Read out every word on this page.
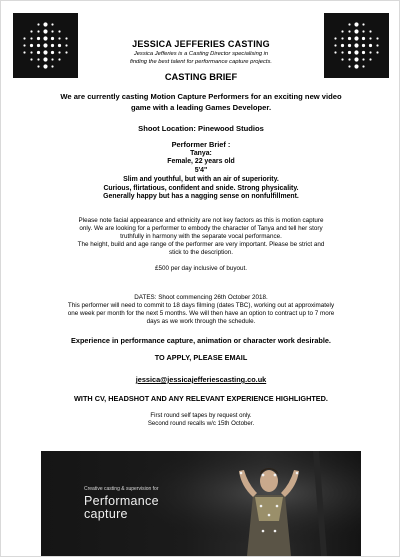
JESSICA JEFFERIES CASTING
Jessica Jefferies is a Casting Director specialising in
finding the best talent for performance capture projects.
CASTING BRIEF
We are currently casting Motion Capture Performers for an exciting new video
game with a leading Games Developer.
Shoot Location: Pinewood Studios
Performer Brief :
Tanya:
Female, 22 years old
5'4"
Slim and youthful, but with an air of superiority.
Curious, flirtatious, confident and snide. Strong physicality.
Generally happy but has a nagging sense on nonfulfillment.
Please note facial appearance and ethnicity are not key factors as this is motion capture
only. We are looking for a performer to embody the character of Tanya and tell her story
truthfully in harmony with the separate vocal performance.
The height, build and age range of the performer are very important. Please be strict and
stick to the description.
£500 per day inclusive of buyout.
DATES: Shoot commencing 26th October 2018.
This performer will need to commit to 18 days filming (dates TBC), working out at approximately
one week per month for the next 5 months. We will then have an option to contract up to 7 more
days as we work through the schedule.
Experience in performance capture, animation or character work desirable.
TO APPLY, PLEASE EMAIL
jessica@jessicajefferiescasting.co.uk
WITH CV, HEADSHOT AND ANY RELEVANT EXPERIENCE HIGHLIGHTED.
First round self tapes by request only.
Second round recalls w/c 15th October.
Creative casting & supervision for
Performance
capture
